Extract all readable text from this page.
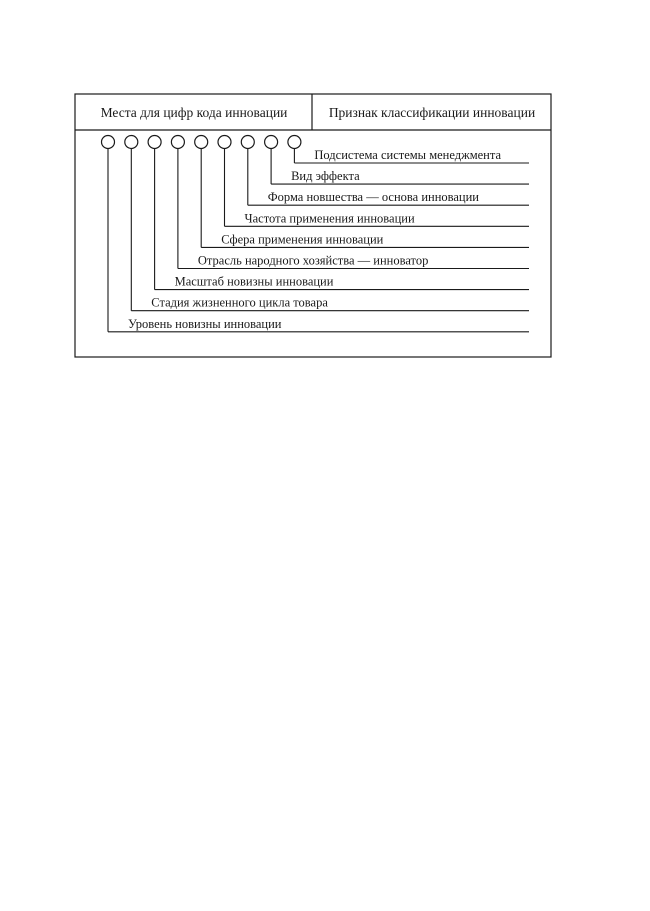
Места для цифр кода инновации	Признак классификации инновации
Уровень новизны инновации
Стадия жизненного цикла товара
Масштаб новизны инновации
Отрасль народного хозяйства — инноватор
Сфера применения инновации
Частота применения инновации
Форма новшества — основа инновации
Вид эффекта
Подсистема системы менеджмента
